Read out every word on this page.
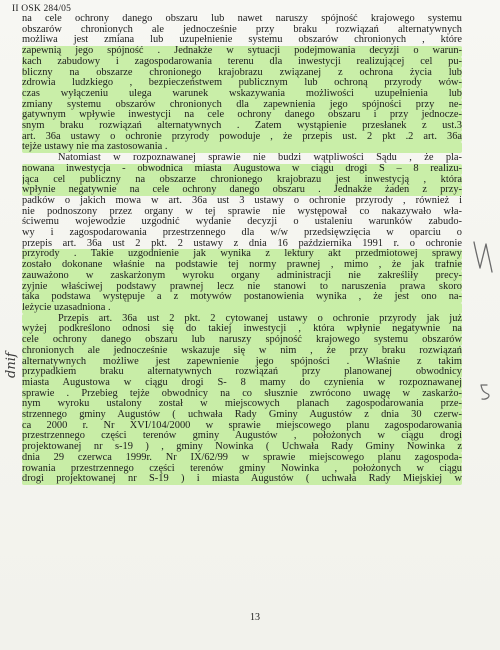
II OSK 284/05
na cele ochrony danego obszaru lub nawet naruszy spójność krajowego systemu
obszarów chronionych ale jednocześnie przy braku rozwiązań alternatywnych
możliwa jest zmiana lub uzupełnienie systemu obszarów chronionych , które
zapewnią jego spójność . Jednakże w sytuacji podejmowania decyzji o warun-
kach zabudowy i zagospodarowania terenu dla inwestycji realizującej cel pu-
bliczny na obszarze chronionego krajobrazu związanej z ochrona życia lub
zdrowia ludzkiego , bezpieczeństwem publicznym lub ochroną przyrody wów-
czas wyłączeniu ulega warunek wskazywania możliwości uzupełnienia lub
zmiany systemu obszarów chronionych dla zapewnienia jego spójności przy ne-
gatywnym wpływie inwestycji na cele ochrony danego obszaru i przy jednocze-
snym braku rozwiązań alternatywnych . Zatem wystąpienie przesłanek z ust.3
art. 36a ustawy o ochronie przyrody powoduje , że przepis ust. 2 pkt .2 art. 36a
tejże ustawy nie ma zastosowania .
Natomiast w rozpoznawanej sprawie nie budzi wątpliwości Sądu , że pla-
nowana inwestycja - obwodnica miasta Augustowa w ciągu drogi S – 8 realizu-
jąca cel publiczny na obszarze chronionego krajobrazu jest inwestycją , która
wpłynie negatywnie na cele ochrony danego obszaru . Jednakże żaden z przy-
padków o jakich mowa w art. 36a ust 3 ustawy o ochronie przyrody , również i
nie podnoszony przez organy w tej sprawie nie występował co nakazywało wła-
ściwemu wojewodzie uzgodnić wydanie decyzji o ustaleniu warunków zabudo-
wy i zagospodarowania przestrzennego dla w/w przedsięwzięcia w oparciu o
przepis art. 36a ust 2 pkt. 2 ustawy z dnia 16 października 1991 r. o ochronie
przyrody . Takie uzgodnienie jak wynika z lektury akt przedmiotowej sprawy
zostało dokonane właśnie na podstawie tej normy prawnej , mimo , że jak trafnie
zauważono w zaskarżonym wyroku organy administracji nie zakreśliły precy-
zyjnie właściwej podstawy prawnej lecz nie stanowi to naruszenia prawa skoro
taka podstawa występuje a z motywów postanowienia wynika , że jest ono na-
leżycie uzasadniona .
Przepis art. 36a ust 2 pkt. 2 cytowanej ustawy o ochronie przyrody jak już
wyżej podkreślono odnosi się do takiej inwestycji , która wpłynie negatywnie na
cele ochrony danego obszaru lub naruszy spójność krajowego systemu obszarów
chronionych ale jednocześnie wskazuje się w nim , że przy braku rozwiązań
alternatywnych możliwe jest zapewnienie jego spójności . Właśnie z takim
przypadkiem braku alternatywnych rozwiązań przy planowanej obwodnicy
miasta Augustowa w ciągu drogi S- 8 mamy do czynienia w rozpoznawanej
sprawie . Przebieg tejże obwodnicy na co słusznie zwrócono uwagę w zaskarżo-
nym wyroku ustalony został w miejscowych planach zagospodarowania prze-
strzennego gminy Augustów ( uchwała Rady Gminy Augustów z dnia 30 czerw-
ca 2000 r. Nr XVI/104/2000 w sprawie miejscowego planu zagospodarowania
przestrzennego części terenów gminy Augustów , położonych w ciągu drogi
projektowanej nr s-19 ) , gminy Nowinka ( Uchwała Rady Gminy Nowinka z
dnia 29 czerwca 1999r. Nr IX/62/99 w sprawie miejscowego planu zagospoda-
rowania przestrzennego części terenów gminy Nowinka , położonych w ciągu
drogi projektowanej nr S-19 ) i miasta Augustów ( uchwała Rady Miejskiej w
dnif
13
